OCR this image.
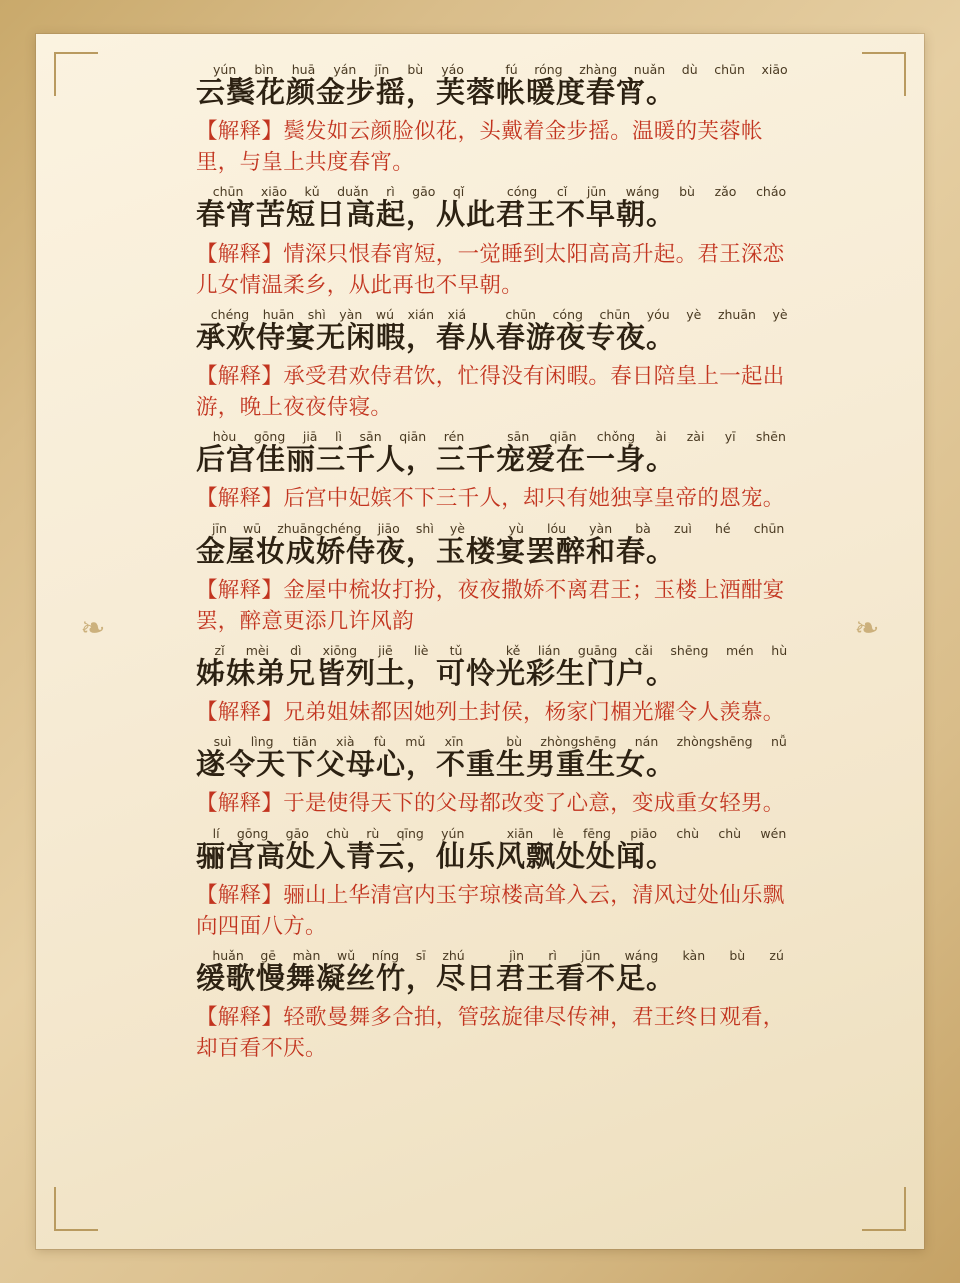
❧	❧
yún bìn huā yán jīn bù yáo	fú róng zhàng nuǎn dù chūn xiāo
云鬓花颜金步摇，芙蓉帐暖度春宵。
【解释】鬓发如云颜脸似花，头戴着金步摇。温暖的芙蓉帐里，与皇上共度春宵。
chūn xiāo kǔ duǎn rì gāo qǐ	cóng cǐ jūn wáng bù zǎo cháo
春宵苦短日高起，从此君王不早朝。
【解释】情深只恨春宵短，一觉睡到太阳高高升起。君王深恋儿女情温柔乡，从此再也不早朝。
chéng huān shì yàn wú xián xiá	chūn cóng chūn yóu yè zhuān yè
承欢侍宴无闲暇，春从春游夜专夜。
【解释】承受君欢侍君饮，忙得没有闲暇。春日陪皇上一起出游，晚上夜夜侍寝。
hòu gōng jiā lì sān qiān rén	sān qiān chǒng ài zài yī shēn
后宫佳丽三千人，三千宠爱在一身。
【解释】后宫中妃嫔不下三千人，却只有她独享皇帝的恩宠。
jīn wū zhuāngchéng jiāo shì yè	yù lóu yàn bà zuì hé chūn
金屋妆成娇侍夜，玉楼宴罢醉和春。
【解释】金屋中梳妆打扮，夜夜撒娇不离君王；玉楼上酒酣宴罢，醉意更添几许风韵
zǐ mèi dì xiōng jiē liè tǔ	kě lián guāng cǎi shēng mén hù
姊妹弟兄皆列土，可怜光彩生门户。
【解释】兄弟姐妹都因她列土封侯，杨家门楣光耀令人羡慕。
suì lìng tiān xià fù mǔ xīn	bù zhòngshēng nán zhòngshēng nǚ
遂令天下父母心，不重生男重生女。
【解释】于是使得天下的父母都改变了心意，变成重女轻男。
lí gōng gāo chù rù qīng yún	xiān lè fēng piāo chù chù wén
骊宫高处入青云，仙乐风飘处处闻。
【解释】骊山上华清宫内玉宇琼楼高耸入云，清风过处仙乐飘向四面八方。
huǎn gē màn wǔ níng sī zhú	jìn rì jūn wáng kàn bù zú
缓歌慢舞凝丝竹，尽日君王看不足。
【解释】轻歌曼舞多合拍，管弦旋律尽传神，君王终日观看，却百看不厌。
